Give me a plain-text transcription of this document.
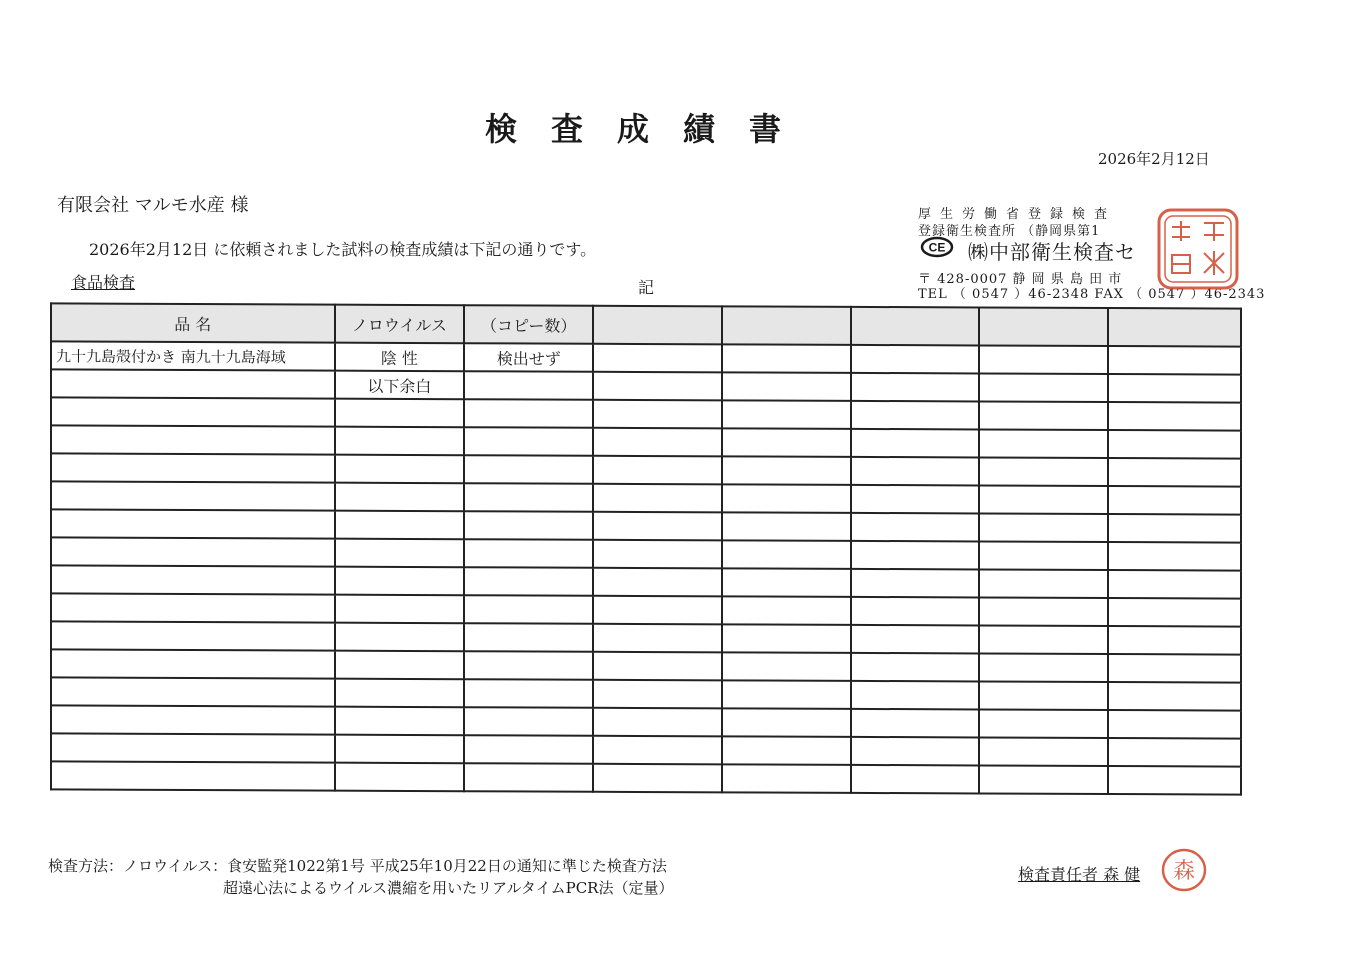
検査成績書
2026年2月12日
有限会社 マルモ水産 様
2026年2月12日 に依頼されました試料の検査成績は下記の通りです。
食品検査	記
厚生労働省登録検査
登録衛生検査所 （静岡県第1
CE ㈱中部衛生検査セ
〒 428-0007 静 岡 県 島 田 市
TEL （ 0547 ）46-2348 FAX （ 0547 ）46-2343
品 名	ノロウイルス	（コピー数）					
九十九島殻付かき 南九十九島海域	陰 性	検出せず					
	以下余白						

検査方法：ノロウイルス：食安監発1022第1号 平成25年10月22日の通知に準じた検査方法
超遠心法によるウイルス濃縮を用いたリアルタイムPCR法（定量）
検査責任者 森 健 森
